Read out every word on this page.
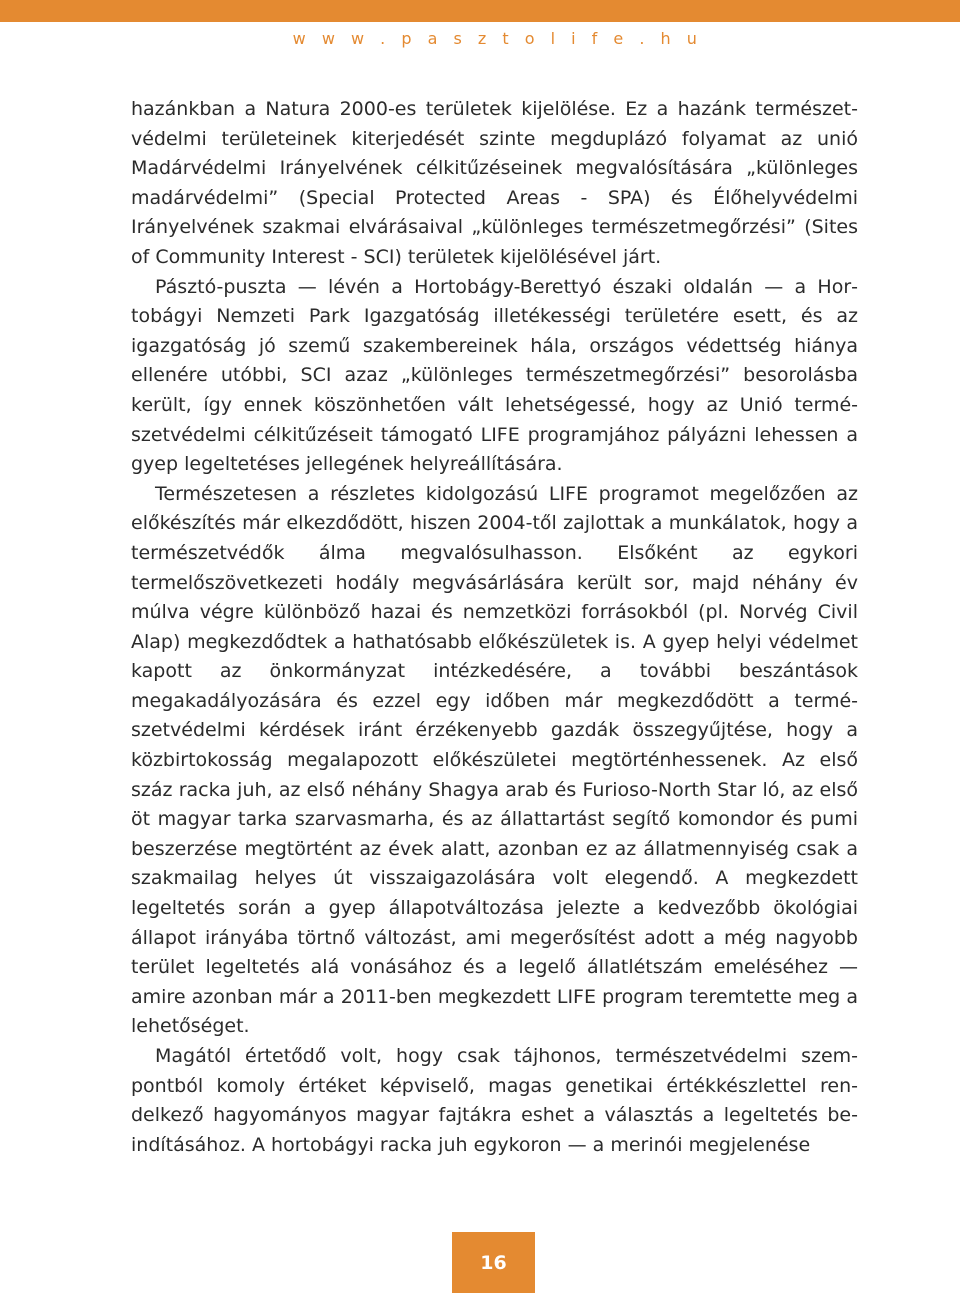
w w w . p a s z t o l i f e . h u

hazánkban a Natura 2000-es területek kijelölése. Ez a hazánk természetvédelmi területeinek kiterjedését szinte megduplázó folyamat az unió Madárvédelmi Irányelvének célkitűzéseinek megvalósítására „különleges madárvédelmi” (Special Protected Areas - SPA) és Élőhelyvédelmi Irányelvének szakmai elvárásaival „különleges természetmegőrzési” (Sites of Community Interest - SCI) területek kijelölésével járt.

Pásztó-puszta — lévén a Hortobágy-Berettyó északi oldalán — a Hortobágyi Nemzeti Park Igazgatóság illetékességi területére esett, és az igazgatóság jó szemű szakembereinek hála, országos védettség hiánya ellenére utóbbi, SCI azaz „különleges természetmegőrzési” besorolásba került, így ennek köszönhetően vált lehetségessé, hogy az Unió természetvédelmi célkitűzéseit támogató LIFE programjához pályázni lehessen a gyep legeltetéses jellegének helyreállítására.

Természetesen a részletes kidolgozású LIFE programot megelőzően az előkészítés már elkezdődött, hiszen 2004-től zajlottak a munkálatok, hogy a természetvédők álma megvalósulhasson. Elsőként az egykori termelőszövetkezeti hodály megvásárlására került sor, majd néhány év múlva végre különböző hazai és nemzetközi forrásokból (pl. Norvég Civil Alap) megkezdődtek a hathatósabb előkészületek is. A gyep helyi védelmet kapott az önkormányzat intézkedésére, a további beszántások megakadályozására és ezzel egy időben már megkezdődött a természetvédelmi kérdések iránt érzékenyebb gazdák összegyűjtése, hogy a közbirtokosság megalapozott előkészületei megtörténhessenek. Az első száz racka juh, az első néhány Shagya arab és Furioso-North Star ló, az első öt magyar tarka szarvasmarha, és az állattartást segítő komondor és pumi beszerzése megtörtént az évek alatt, azonban ez az állatmennyiség csak a szakmailag helyes út visszaigazolására volt elegendő. A megkezdett legeltetés során a gyep állapotváltozása jelezte a kedvezőbb ökológiai állapot irányába törtnő változást, ami megerősítést adott a még nagyobb terület legeltetés alá vonásához és a legelő állatlétszám emeléséhez — amire azonban már a 2011-ben megkezdett LIFE program teremtette meg a lehetőséget.

Magától értetődő volt, hogy csak tájhonos, természetvédelmi szempontból komoly értéket képviselő, magas genetikai értékkészlettel rendelkező hagyományos magyar fajtákra eshet a választás a legeltetés beindításához. A hortobágyi racka juh egykoron — a merinói megjelenése

16
